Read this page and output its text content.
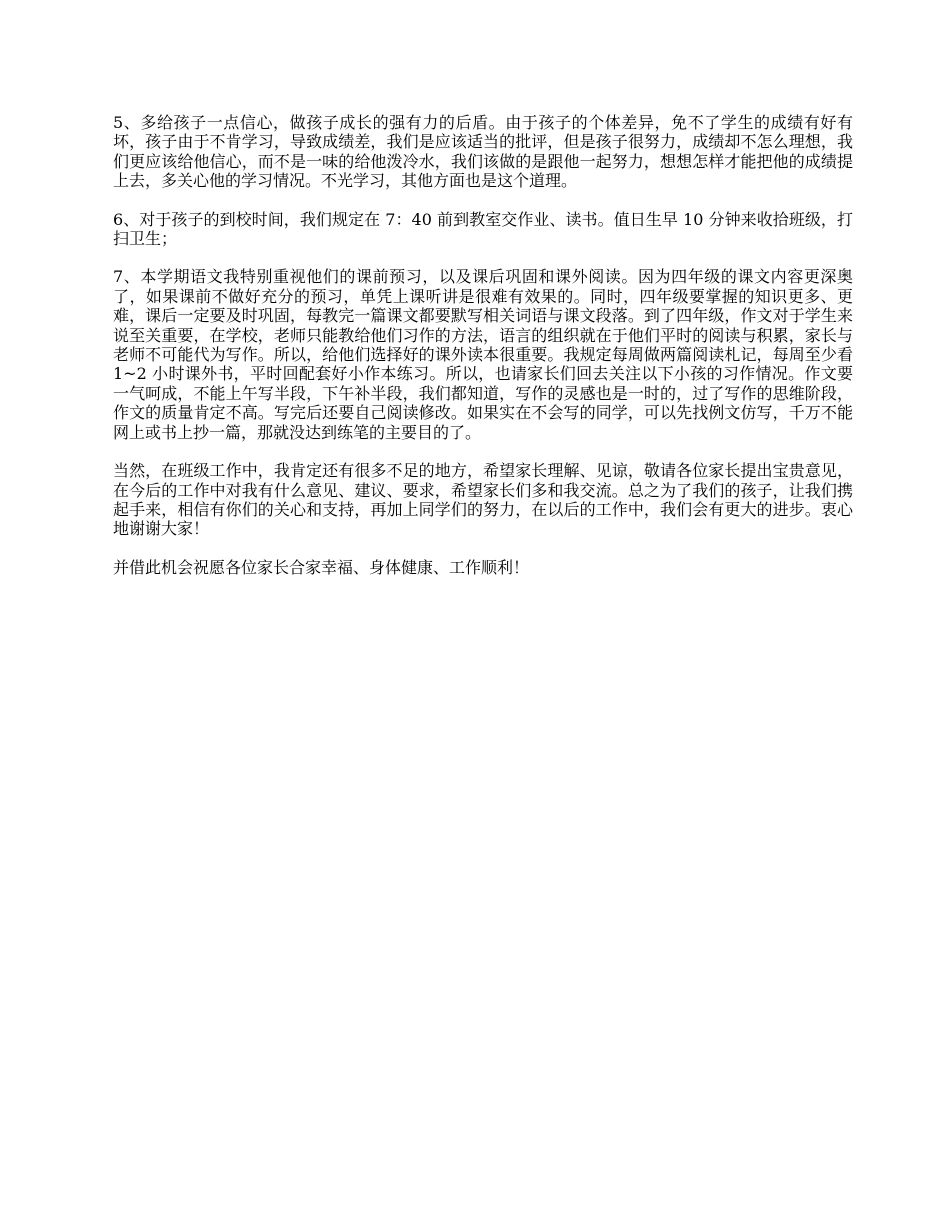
5、多给孩子一点信心，做孩子成长的强有力的后盾。由于孩子的个体差异，免不了学生的成绩有好有坏，孩子由于不肯学习，导致成绩差，我们是应该适当的批评，但是孩子很努力，成绩却不怎么理想，我们更应该给他信心，而不是一味的给他泼冷水，我们该做的是跟他一起努力，想想怎样才能把他的成绩提上去，多关心他的学习情况。不光学习，其他方面也是这个道理。

6、对于孩子的到校时间，我们规定在 7：40 前到教室交作业、读书。值日生早 10 分钟来收拾班级，打扫卫生；

7、本学期语文我特别重视他们的课前预习，以及课后巩固和课外阅读。因为四年级的课文内容更深奥了，如果课前不做好充分的预习，单凭上课听讲是很难有效果的。同时，四年级要掌握的知识更多、更难，课后一定要及时巩固，每教完一篇课文都要默写相关词语与课文段落。到了四年级，作文对于学生来说至关重要，在学校，老师只能教给他们习作的方法，语言的组织就在于他们平时的阅读与积累，家长与老师不可能代为写作。所以，给他们选择好的课外读本很重要。我规定每周做两篇阅读札记，每周至少看 1~2 小时课外书，平时回配套好小作本练习。所以，也请家长们回去关注以下小孩的习作情况。作文要一气呵成，不能上午写半段，下午补半段，我们都知道，写作的灵感也是一时的，过了写作的思维阶段，作文的质量肯定不高。写完后还要自己阅读修改。如果实在不会写的同学，可以先找例文仿写，千万不能网上或书上抄一篇，那就没达到练笔的主要目的了。

当然，在班级工作中，我肯定还有很多不足的地方，希望家长理解、见谅，敬请各位家长提出宝贵意见，在今后的工作中对我有什么意见、建议、要求，希望家长们多和我交流。总之为了我们的孩子，让我们携起手来，相信有你们的关心和支持，再加上同学们的努力，在以后的工作中，我们会有更大的进步。衷心地谢谢大家！

并借此机会祝愿各位家长合家幸福、身体健康、工作顺利！
